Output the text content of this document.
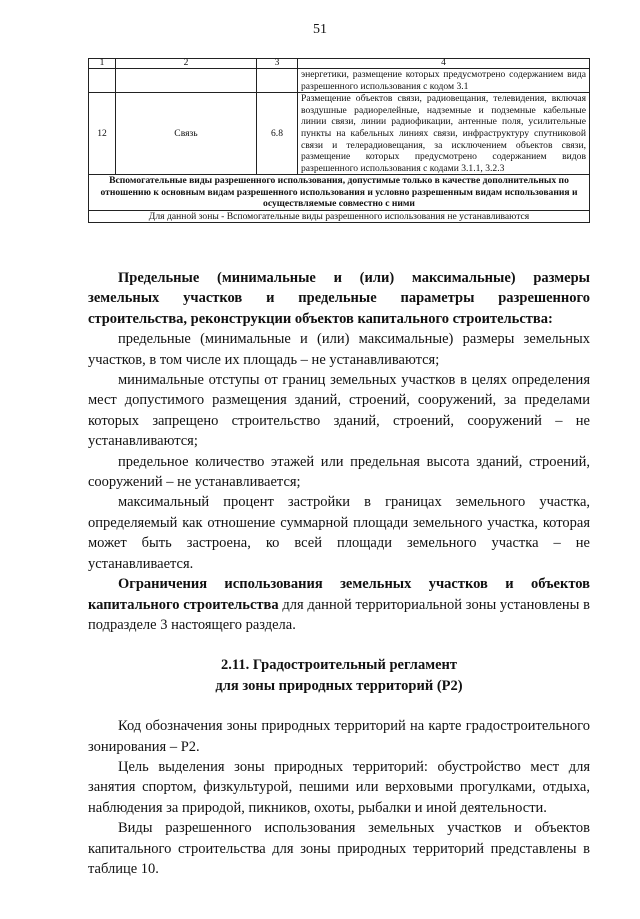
51
1	2	3	4
			энергетики, размещение которых предусмотрено содержанием вида разрешенного использования с кодом 3.1
12	Связь	6.8	Размещение объектов связи, радиовещания, телевидения, включая воздушные радиорелейные, надземные и подземные кабельные линии связи, линии радиофикации, антенные поля, усилительные пункты на кабельных линиях связи, инфраструктуру спутниковой связи и телерадиовещания, за исключением объектов связи, размещение которых предусмотрено содержанием видов разрешенного использования с кодами 3.1.1, 3.2.3
Вспомогательные виды разрешенного использования, допустимые только в качестве дополнительных по отношению к основным видам разрешенного использования и условно разрешенным видам использования и осуществляемые совместно с ними			
Для данной зоны - Вспомогательные виды разрешенного использования не устанавливаются			

Предельные (минимальные и (или) максимальные) размеры земельных участков и предельные параметры разрешенного строительства, реконструкции объектов капитального строительства:

предельные (минимальные и (или) максимальные) размеры земельных участков, в том числе их площадь – не устанавливаются;

минимальные отступы от границ земельных участков в целях определения мест допустимого размещения зданий, строений, сооружений, за пределами которых запрещено строительство зданий, строений, сооружений – не устанавливаются;

предельное количество этажей или предельная высота зданий, строений, сооружений – не устанавливается;

максимальный процент застройки в границах земельного участка, определяемый как отношение суммарной площади земельного участка, которая может быть застроена, ко всей площади земельного участка – не устанавливается.

Ограничения использования земельных участков и объектов капитального строительства для данной территориальной зоны установлены в подразделе 3 настоящего раздела.

2.11. Градостроительный регламент

для зоны природных территорий (Р2)

Код обозначения зоны природных территорий на карте градостроительного зонирования – Р2.

Цель выделения зоны природных территорий: обустройство мест для занятия спортом, физкультурой, пешими или верховыми прогулками, отдыха, наблюдения за природой, пикников, охоты, рыбалки и иной деятельности.

Виды разрешенного использования земельных участков и объектов капитального строительства для зоны природных территорий представлены в таблице 10.
